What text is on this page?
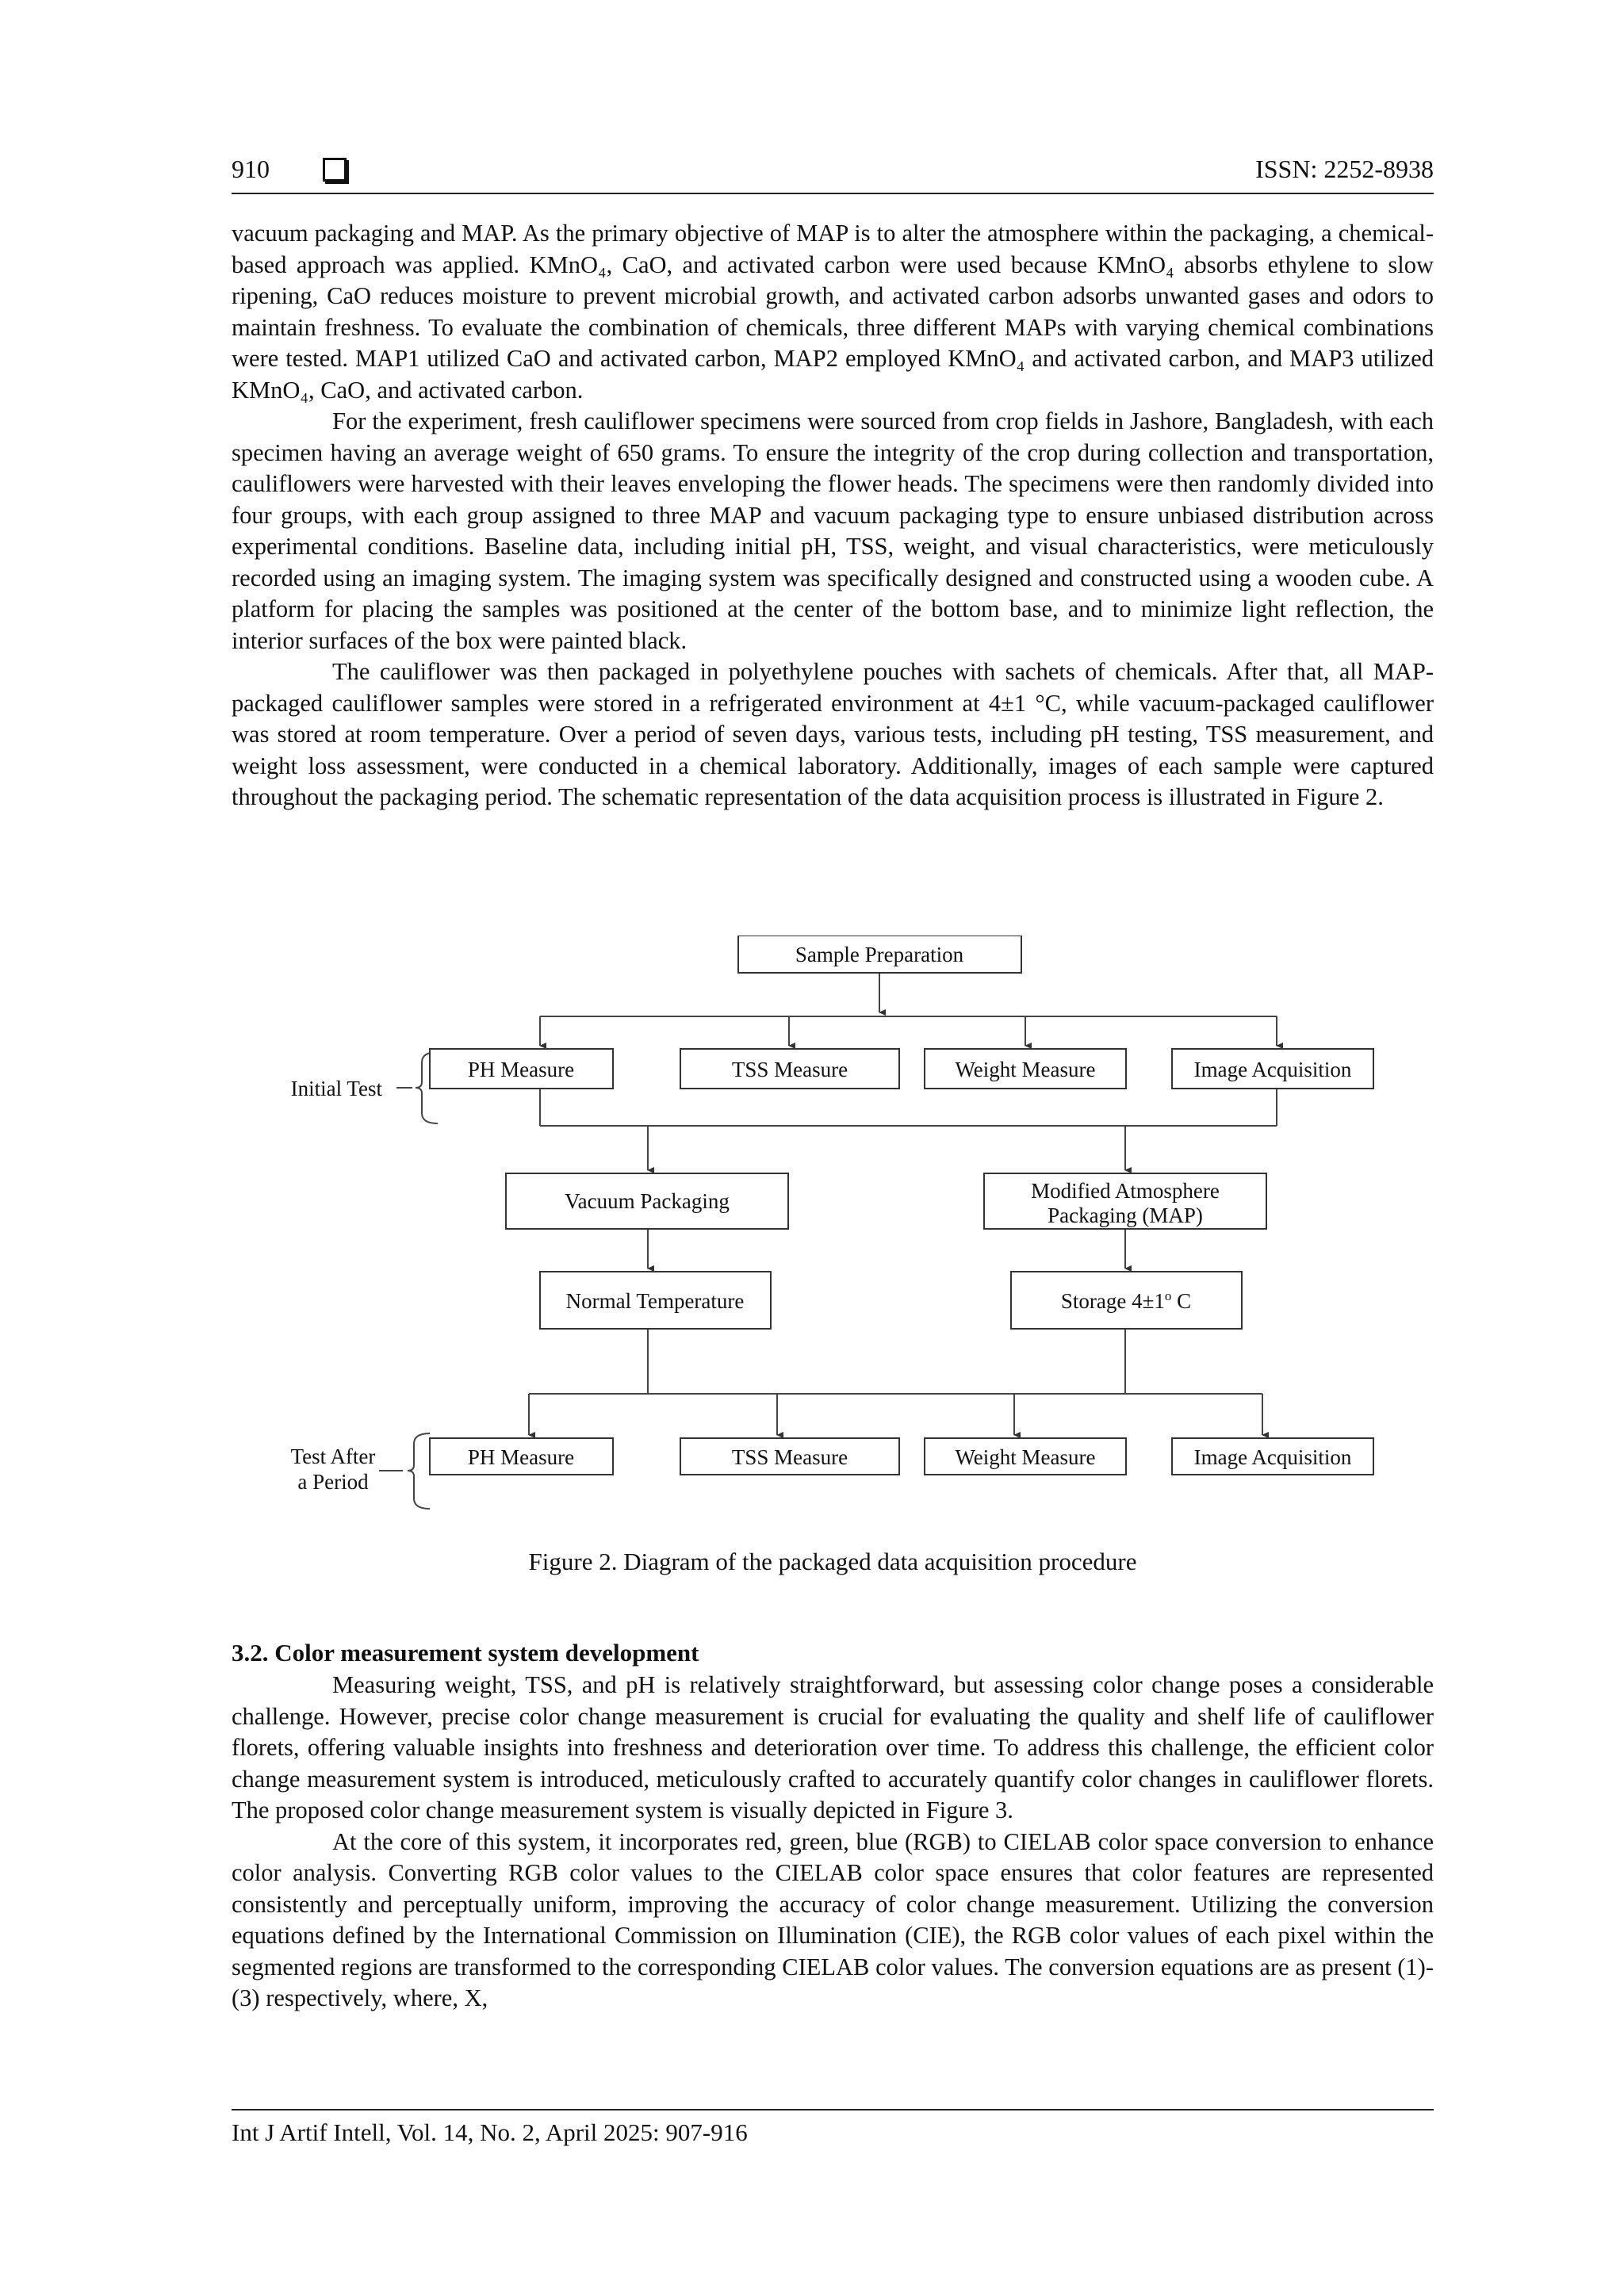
910	ISSN: 2252-8938

vacuum packaging and MAP. As the primary objective of MAP is to alter the atmosphere within the packaging, a chemical-based approach was applied. KMnO₄, CaO, and activated carbon were used because KMnO₄ absorbs ethylene to slow ripening, CaO reduces moisture to prevent microbial growth, and activated carbon adsorbs unwanted gases and odors to maintain freshness. To evaluate the combination of chemicals, three different MAPs with varying chemical combinations were tested. MAP1 utilized CaO and activated carbon, MAP2 employed KMnO₄ and activated carbon, and MAP3 utilized KMnO₄, CaO, and activated carbon.

For the experiment, fresh cauliflower specimens were sourced from crop fields in Jashore, Bangladesh, with each specimen having an average weight of 650 grams. To ensure the integrity of the crop during collection and transportation, cauliflowers were harvested with their leaves enveloping the flower heads. The specimens were then randomly divided into four groups, with each group assigned to three MAP and vacuum packaging type to ensure unbiased distribution across experimental conditions. Baseline data, including initial pH, TSS, weight, and visual characteristics, were meticulously recorded using an imaging system. The imaging system was specifically designed and constructed using a wooden cube. A platform for placing the samples was positioned at the center of the bottom base, and to minimize light reflection, the interior surfaces of the box were painted black.

The cauliflower was then packaged in polyethylene pouches with sachets of chemicals. After that, all MAP-packaged cauliflower samples were stored in a refrigerated environment at 4±1 °C, while vacuum-packaged cauliflower was stored at room temperature. Over a period of seven days, various tests, including pH testing, TSS measurement, and weight loss assessment, were conducted in a chemical laboratory. Additionally, images of each sample were captured throughout the packaging period. The schematic representation of the data acquisition process is illustrated in Figure 2.

Sample Preparation
PH Measure	TSS Measure	Weight Measure	Image Acquisition
Vacuum Packaging	Modified Atmosphere
Packaging (MAP)
Normal Temperature	Storage $4\pm 1^o$ C
PH Measure	TSS Measure	Weight Measure	Image Acquisition
Initial Test
Test After
a Period
Figure 2. Diagram of the packaged data acquisition procedure
3.2. Color measurement system development

Measuring weight, TSS, and pH is relatively straightforward, but assessing color change poses a considerable challenge. However, precise color change measurement is crucial for evaluating the quality and shelf life of cauliflower florets, offering valuable insights into freshness and deterioration over time. To address this challenge, the efficient color change measurement system is introduced, meticulously crafted to accurately quantify color changes in cauliflower florets. The proposed color change measurement system is visually depicted in Figure 3.

At the core of this system, it incorporates red, green, blue (RGB) to CIELAB color space conversion to enhance color analysis. Converting RGB color values to the CIELAB color space ensures that color features are represented consistently and perceptually uniform, improving the accuracy of color change measurement. Utilizing the conversion equations defined by the International Commission on Illumination (CIE), the RGB color values of each pixel within the segmented regions are transformed to the corresponding CIELAB color values. The conversion equations are as present (1)-(3) respectively, where, X,

Int J Artif Intell, Vol. 14, No. 2, April 2025: 907-916
